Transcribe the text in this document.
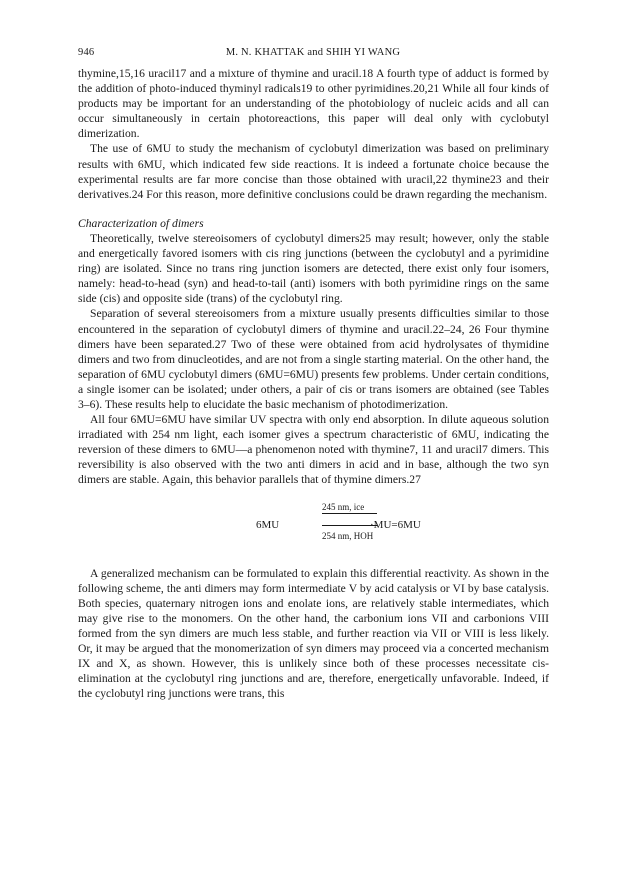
946	M. N. KHATTAK and SHIH YI WANG

thymine,15,16 uracil17 and a mixture of thymine and uracil.18 A fourth type of adduct is formed by the addition of photo-induced thyminyl radicals19 to other pyrimidines.20,21 While all four kinds of products may be important for an understanding of the photobiology of nucleic acids and all can occur simultaneously in certain photoreactions, this paper will deal only with cyclobutyl dimerization.

The use of 6MU to study the mechanism of cyclobutyl dimerization was based on preliminary results with 6MU, which indicated few side reactions. It is indeed a fortunate choice because the experimental results are far more concise than those obtained with uracil,22 thymine23 and their derivatives.24 For this reason, more definitive conclusions could be drawn regarding the mechanism.

Characterization of dimers

Theoretically, twelve stereoisomers of cyclobutyl dimers25 may result; however, only the stable and energetically favored isomers with cis ring junctions (between the cyclobutyl and a pyrimidine ring) are isolated. Since no trans ring junction isomers are detected, there exist only four isomers, namely: head-to-head (syn) and head-to-tail (anti) isomers with both pyrimidine rings on the same side (cis) and opposite side (trans) of the cyclobutyl ring.

Separation of several stereoisomers from a mixture usually presents difficulties similar to those encountered in the separation of cyclobutyl dimers of thymine and uracil.22–24, 26 Four thymine dimers have been separated.27 Two of these were obtained from acid hydrolysates of thymidine dimers and two from dinucleotides, and are not from a single starting material. On the other hand, the separation of 6MU cyclobutyl dimers (6MU=6MU) presents few problems. Under certain conditions, a single isomer can be isolated; under others, a pair of cis or trans isomers are obtained (see Tables 3–6). These results help to elucidate the basic mechanism of photodimerization.

All four 6MU=6MU have similar UV spectra with only end absorption. In dilute aqueous solution irradiated with 254 nm light, each isomer gives a spectrum characteristic of 6MU, indicating the reversion of these dimers to 6MU—a phenomenon noted with thymine7, 11 and uracil7 dimers. This reversibility is also observed with the two anti dimers in acid and in base, although the two syn dimers are stable. Again, this behavior parallels that of thymine dimers.27

6MU
245 nm, ice
254 nm, HOH
·MU=6MU

A generalized mechanism can be formulated to explain this differential reactivity. As shown in the following scheme, the anti dimers may form intermediate V by acid catalysis or VI by base catalysis. Both species, quaternary nitrogen ions and enolate ions, are relatively stable intermediates, which may give rise to the monomers. On the other hand, the carbonium ions VII and carbonions VIII formed from the syn dimers are much less stable, and further reaction via VII or VIII is less likely. Or, it may be argued that the monomerization of syn dimers may proceed via a concerted mechanism IX and X, as shown. However, this is unlikely since both of these processes necessitate cis-elimination at the cyclobutyl ring junctions and are, therefore, energetically unfavorable. Indeed, if the cyclobutyl ring junctions were trans, this
